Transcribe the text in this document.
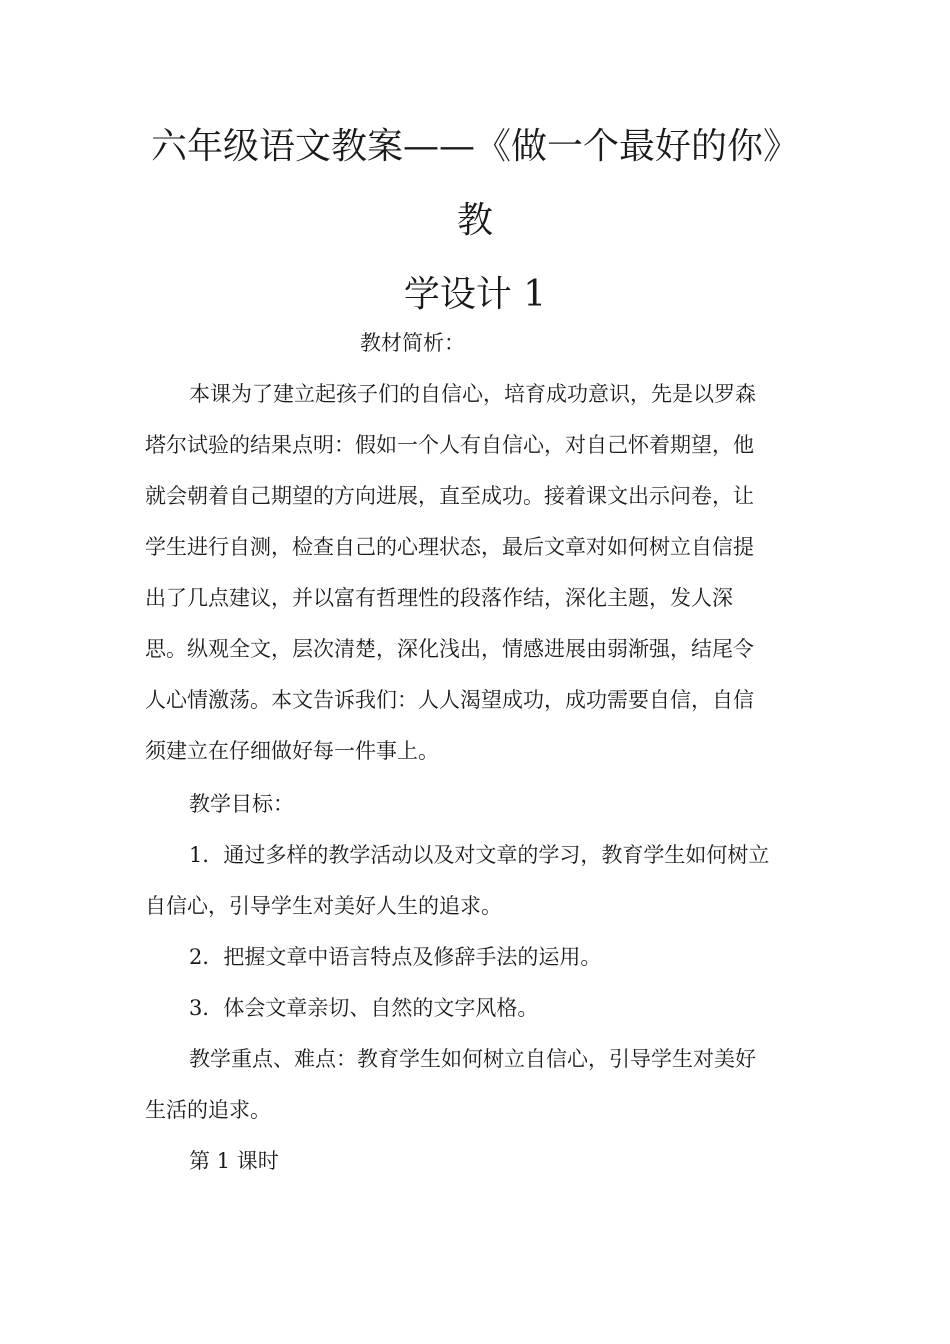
六年级语文教案——《做一个最好的你》教
学设计 1
教材简析：
本课为了建立起孩子们的自信心，培育成功意识，先是以罗森
塔尔试验的结果点明：假如一个人有自信心，对自己怀着期望，他
就会朝着自己期望的方向进展，直至成功。接着课文出示问卷，让
学生进行自测，检查自己的心理状态，最后文章对如何树立自信提
出了几点建议，并以富有哲理性的段落作结，深化主题，发人深
思。纵观全文，层次清楚，深化浅出，情感进展由弱渐强，结尾令
人心情激荡。本文告诉我们：人人渴望成功，成功需要自信，自信
须建立在仔细做好每一件事上。
教学目标：
1．通过多样的教学活动以及对文章的学习，教育学生如何树立
自信心，引导学生对美好人生的追求。
2．把握文章中语言特点及修辞手法的运用。
3．体会文章亲切、自然的文字风格。
教学重点、难点：教育学生如何树立自信心，引导学生对美好
生活的追求。
第 1 课时
